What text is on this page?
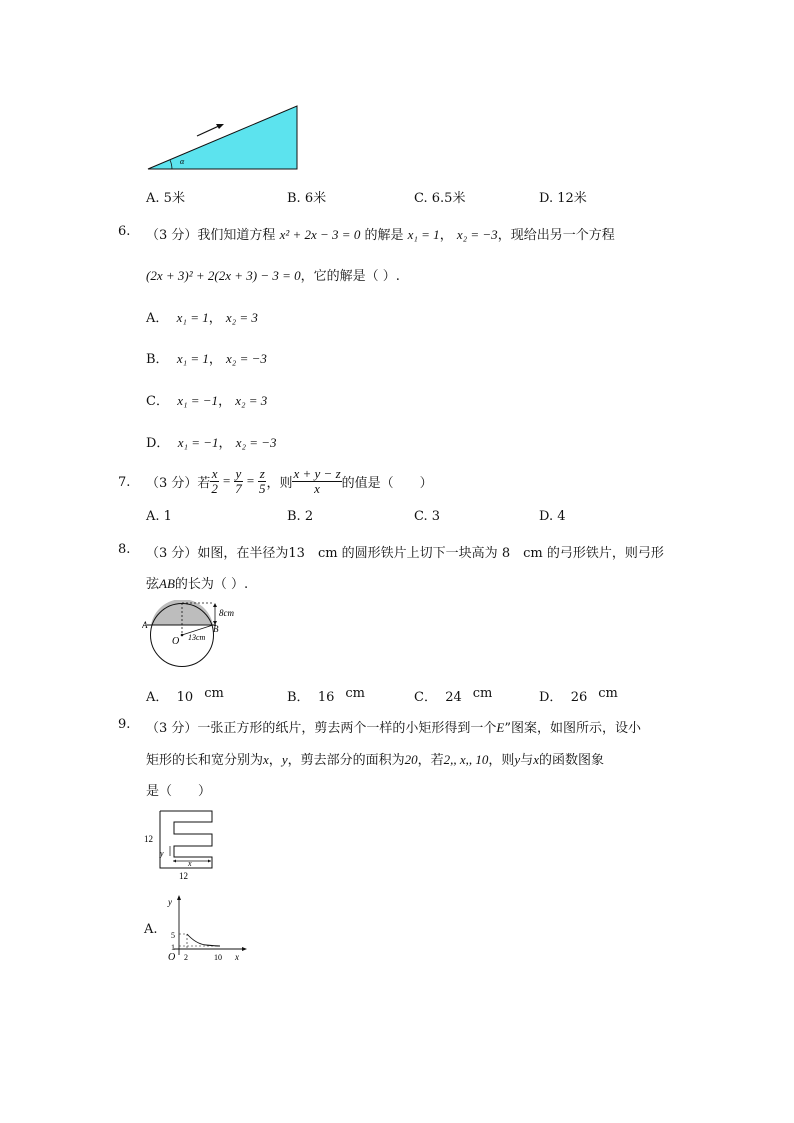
α
A. 5米	B. 6米	C. 6.5米	D. 12米
6. （3 分）我们知道方程 x² + 2x − 3 = 0 的解是 x₁ = 1， x₂ = −3，现给出另一个方程
(2x + 3)² + 2(2x + 3) − 3 = 0，它的解是（ ）.
A． x₁ = 1， x₂ = 3
B． x₁ = 1， x₂ = −3
C． x₁ = −1， x₂ = 3
D． x₁ = −1， x₂ = −3
7. （3 分）若 $\frac{x}{2} = \frac{y}{7} = \frac{z}{5}$ ，则 $\frac{x + y - z}{x}$ 的值是（　　）
A. 1	B. 2	C. 3	D. 4
8. （3 分）如图，在半径为13　cm 的圆形铁片上切下一块高为 8　cm 的弓形铁片，则弓形
弦AB的长为（ ）.
8cm
13cm
A	B
O
A． 10 cm	B． 16 cm	C． 24 cm	D． 26 cm
9. （3 分）一张正方形的纸片，剪去两个一样的小矩形得到一个E”图案，如图所示，设小
矩形的长和宽分别为x，y，剪去部分的面积为20，若2,, x,, 10，则y与x的函数图象
是（　　）
12
12
y
x
A.
y
x
O
5
1
2	10
